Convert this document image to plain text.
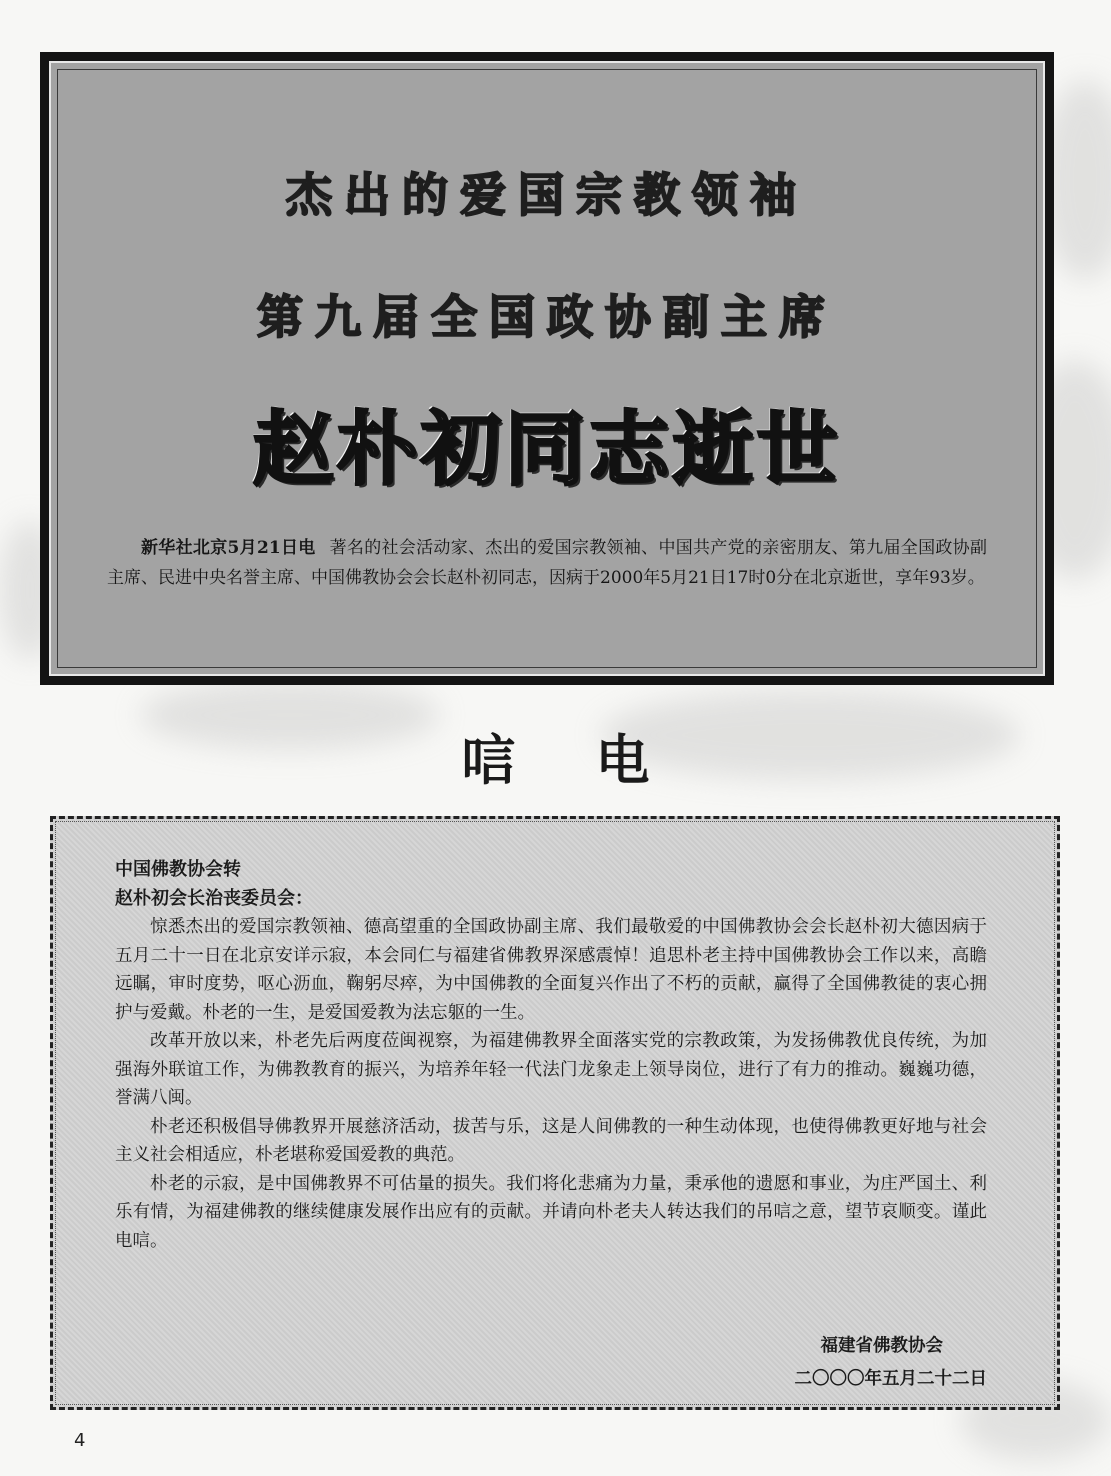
杰出的爱国宗教领袖
第九届全国政协副主席
赵朴初同志逝世
新华社北京5月21日电 著名的社会活动家、杰出的爱国宗教领袖、中国共产党的亲密朋友、第九届全国政协副主席、民进中央名誉主席、中国佛教协会会长赵朴初同志，因病于2000年5月21日17时0分在北京逝世，享年93岁。
唁电
中国佛教协会转
赵朴初会长治丧委员会：
惊悉杰出的爱国宗教领袖、德高望重的全国政协副主席、我们最敬爱的中国佛教协会会长赵朴初大德因病于五月二十一日在北京安详示寂，本会同仁与福建省佛教界深感震悼！追思朴老主持中国佛教协会工作以来，高瞻远瞩，审时度势，呕心沥血，鞠躬尽瘁，为中国佛教的全面复兴作出了不朽的贡献，赢得了全国佛教徒的衷心拥护与爱戴。朴老的一生，是爱国爱教为法忘躯的一生。
改革开放以来，朴老先后两度莅闽视察，为福建佛教界全面落实党的宗教政策，为发扬佛教优良传统，为加强海外联谊工作，为佛教教育的振兴，为培养年轻一代法门龙象走上领导岗位，进行了有力的推动。巍巍功德，誉满八闽。
朴老还积极倡导佛教界开展慈济活动，拔苦与乐，这是人间佛教的一种生动体现，也使得佛教更好地与社会主义社会相适应，朴老堪称爱国爱教的典范。
朴老的示寂，是中国佛教界不可估量的损失。我们将化悲痛为力量，秉承他的遗愿和事业，为庄严国土、利乐有情，为福建佛教的继续健康发展作出应有的贡献。并请向朴老夫人转达我们的吊唁之意，望节哀顺变。谨此电唁。
福建省佛教协会
二〇〇〇年五月二十二日
4
